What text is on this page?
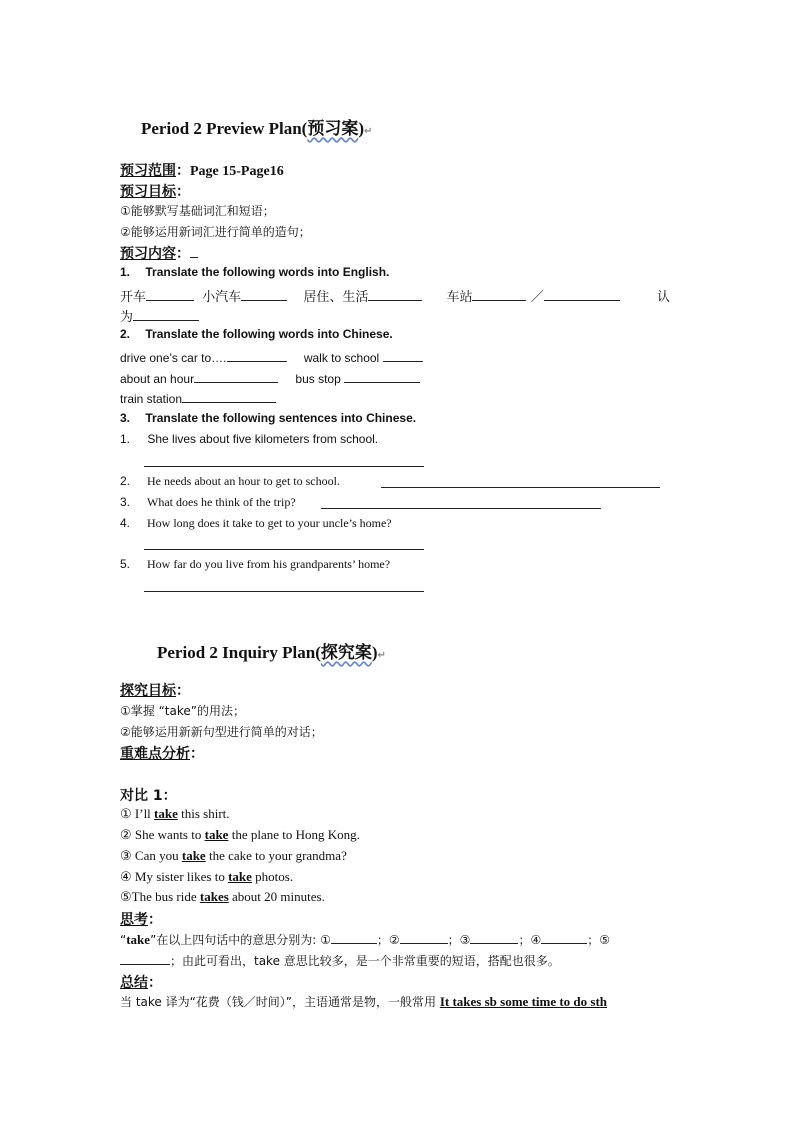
Period 2 Preview Plan(预习案)↵
预习范围：Page 15-Page16
预习目标：
①能够默写基础词汇和短语；
②能够运用新词汇进行简单的造句；
预习内容：
1. Translate the following words into English.
开车	小汽车	居住、生活	车站	／	认
为
2. Translate the following words into Chinese.
drive one’s car to….	walk to school
about an hour	bus stop
train station
3. Translate the following sentences into Chinese.
1. She lives about five kilometers from school.
2. He needs about an hour to get to school.
3. What does he think of the trip?
4. How long does it take to get to your uncle’s home?
5. How far do you live from his grandparents’ home?
Period 2 Inquiry Plan(探究案)↵
探究目标：
①掌握 “take”的用法；
②能够运用新新句型进行简单的对话；
重难点分析：
对比 1：
① I’ll take this shirt.
② She wants to take the plane to Hong Kong.
③ Can you take the cake to your grandma?
④ My sister likes to take photos.
⑤The bus ride takes about 20 minutes.
思考：
“take”在以上四句话中的意思分别为: ①	；②	；③	；④	；⑤
；由此可看出，take 意思比较多，是一个非常重要的短语，搭配也很多。
总结：
当 take 译为“花费（钱／时间）”，主语通常是物，一般常用 It takes sb some time to do sth
